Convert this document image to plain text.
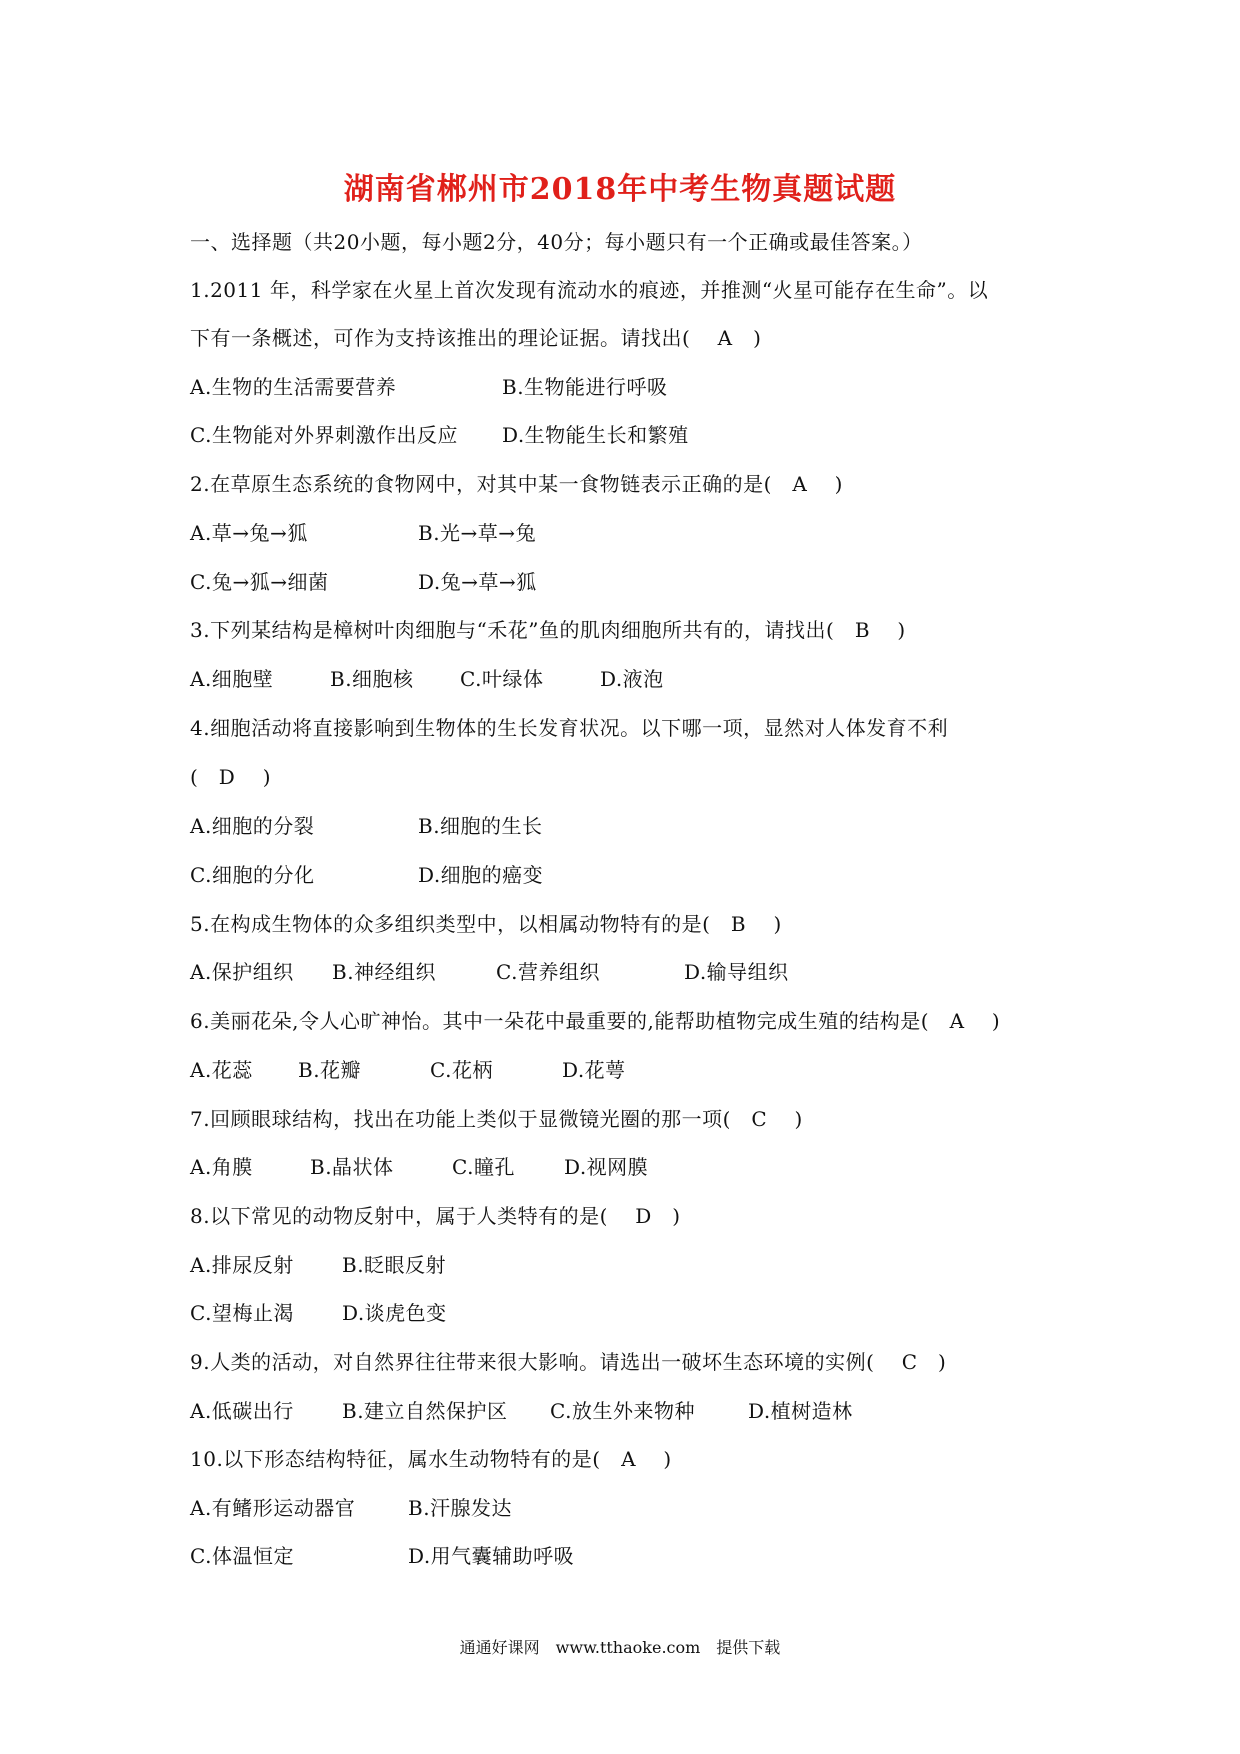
湖南省郴州市2018年中考生物真题试题
一、选择题（共20小题，每小题2分，40分；每小题只有一个正确或最佳答案。）
1.2011 年，科学家在火星上首次发现有流动水的痕迹，并推测“火星可能存在生命”。以
下有一条概述，可作为支持该推出的理论证据。请找出(　 A　)
A.生物的生活需要营养	B.生物能进行呼吸
C.生物能对外界刺激作出反应 D.生物能生长和繁殖
2.在草原生态系统的食物网中，对其中某一食物链表示正确的是(　A　 )
A.草→兔→狐	B.光→草→兔
C.兔→狐→细菌	D.兔→草→狐
3.下列某结构是樟树叶肉细胞与“禾花”鱼的肌肉细胞所共有的，请找出(　B　 )
A.细胞壁	B.细胞核 C.叶绿体	D.液泡
4.细胞活动将直接影响到生物体的生长发育状况。以下哪一项，显然对人体发育不利
(　D　 )
A.细胞的分裂	B.细胞的生长
C.细胞的分化	D.细胞的癌变
5.在构成生物体的众多组织类型中，以相属动物特有的是(　B　 )
A.保护组织 B.神经组织	C.营养组织	D.输导组织
6.美丽花朵,令人心旷神怡。其中一朵花中最重要的,能帮助植物完成生殖的结构是(　A　 )
A.花蕊 B.花瓣	C.花柄	D.花萼
7.回顾眼球结构，找出在功能上类似于显微镜光圈的那一项(　C　 )
A.角膜	B.晶状体	C.瞳孔 D.视网膜
8.以下常见的动物反射中，属于人类特有的是(　 D　)
A.排尿反射 B.眨眼反射
C.望梅止渴 D.谈虎色变
9.人类的活动，对自然界往往带来很大影响。请选出一破坏生态环境的实例(　 C　)
A.低碳出行 B.建立自然保护区 C.放生外来物种	D.植树造林
10.以下形态结构特征，属水生动物特有的是(　A　 )
A.有鳍形运动器官	B.汗腺发达
C.体温恒定	D.用气囊辅助呼吸
通通好课网　www.tthaoke.com　提供下载
